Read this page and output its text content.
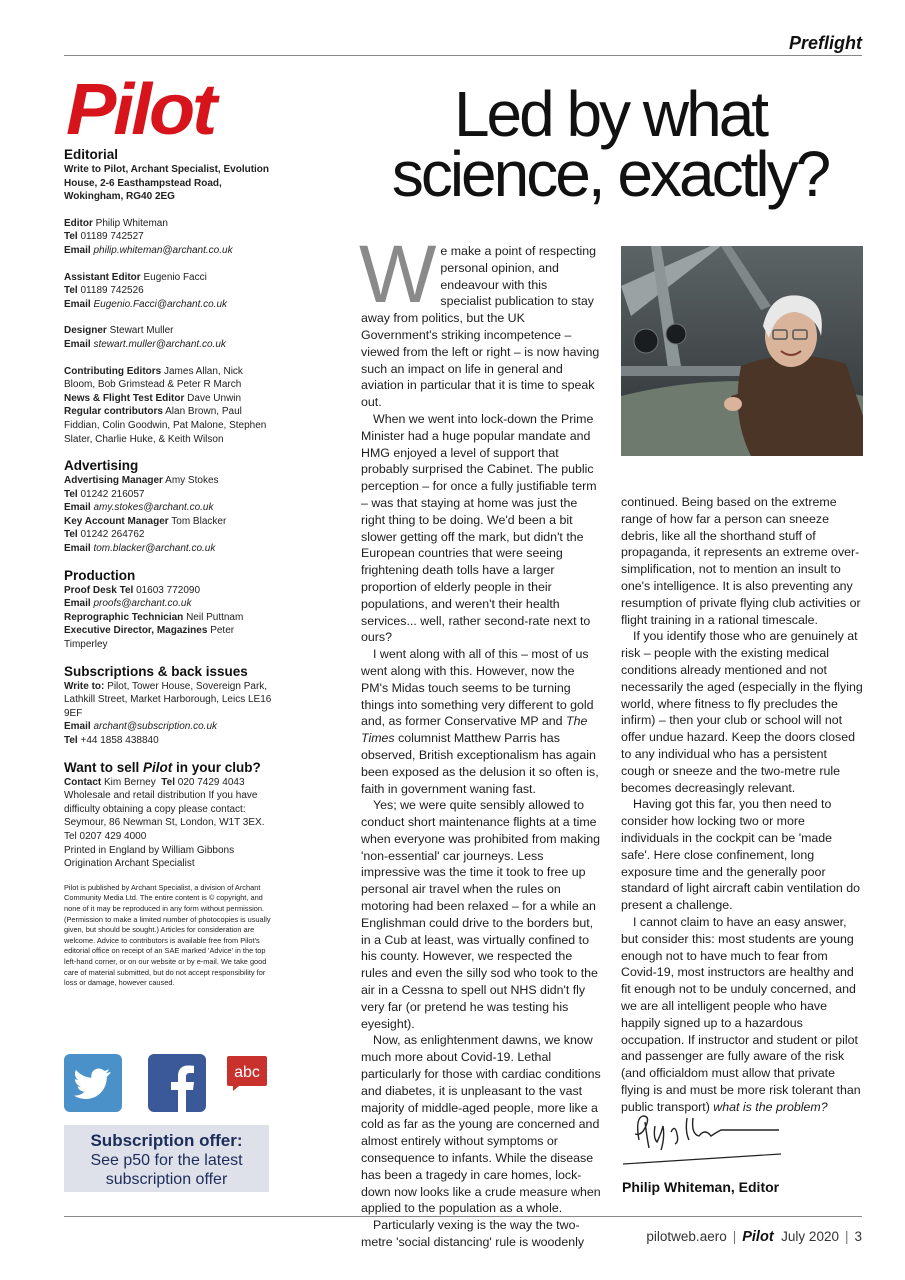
Preflight
Pilot
Editorial
Write to Pilot, Archant Specialist, Evolution House, 2-6 Easthampstead Road, Wokingham, RG40 2EG
Editor Philip Whiteman
Tel 01189 742527
Email philip.whiteman@archant.co.uk
Assistant Editor Eugenio Facci
Tel 01189 742526
Email Eugenio.Facci@archant.co.uk
Designer Stewart Muller
Email stewart.muller@archant.co.uk
Contributing Editors James Allan, Nick Bloom, Bob Grimstead & Peter R March
News & Flight Test Editor Dave Unwin
Regular contributors Alan Brown, Paul Fiddian, Colin Goodwin, Pat Malone, Stephen Slater, Charlie Huke, & Keith Wilson
Advertising
Advertising Manager Amy Stokes
Tel 01242 216057
Email amy.stokes@archant.co.uk
Key Account Manager Tom Blacker
Tel 01242 264762
Email tom.blacker@archant.co.uk
Production
Proof Desk Tel 01603 772090
Email proofs@archant.co.uk
Reprographic Technician Neil Puttnam
Executive Director, Magazines Peter Timperley
Subscriptions & back issues
Write to: Pilot, Tower House, Sovereign Park, Lathkill Street, Market Harborough, Leics LE16 9EF
Email archant@subscription.co.uk
Tel +44 1858 438840
Want to sell Pilot in your club?
Contact Kim Berney Tel 020 7429 4043
Wholesale and retail distribution If you have difficulty obtaining a copy please contact: Seymour, 86 Newman St, London, W1T 3EX. Tel 0207 429 4000
Printed in England by William Gibbons
Origination Archant Specialist
Pilot is published by Archant Specialist, a division of Archant Community Media Ltd. The entire content is © copyright, and none of it may be reproduced in any form without permission. (Permission to make a limited number of photocopies is usually given, but should be sought.) Articles for consideration are welcome. Advice to contributors is available free from Pilot's editorial office on receipt of an SAE marked 'Advice' in the top left-hand corner, or on our website or by e-mail. We take good care of material submitted, but do not accept responsibility for loss or damage, however caused.
abc
Subscription offer:
See p50 for the latest
subscription offer
Led by what
science, exactly?

We make a point of respecting personal opinion, and endeavour with this specialist publication to stay away from politics, but the UK Government's striking incompetence – viewed from the left or right – is now having such an impact on life in general and aviation in particular that it is time to speak out.

When we went into lock-down the Prime Minister had a huge popular mandate and HMG enjoyed a level of support that probably surprised the Cabinet. The public perception – for once a fully justifiable term – was that staying at home was just the right thing to be doing. We'd been a bit slower getting off the mark, but didn't the European countries that were seeing frightening death tolls have a larger proportion of elderly people in their populations, and weren't their health services... well, rather second-rate next to ours?

I went along with all of this – most of us went along with this. However, now the PM's Midas touch seems to be turning things into something very different to gold and, as former Conservative MP and The Times columnist Matthew Parris has observed, British exceptionalism has again been exposed as the delusion it so often is, faith in government waning fast.

Yes; we were quite sensibly allowed to conduct short maintenance flights at a time when everyone was prohibited from making 'non-essential' car journeys. Less impressive was the time it took to free up personal air travel when the rules on motoring had been relaxed – for a while an Englishman could drive to the borders but, in a Cub at least, was virtually confined to his county. However, we respected the rules and even the silly sod who took to the air in a Cessna to spell out NHS didn't fly very far (or pretend he was testing his eyesight).

Now, as enlightenment dawns, we know much more about Covid-19. Lethal particularly for those with cardiac conditions and diabetes, it is unpleasant to the vast majority of middle-aged people, more like a cold as far as the young are concerned and almost entirely without symptoms or consequence to infants. While the disease has been a tragedy in care homes, lock-down now looks like a crude measure when applied to the population as a whole.

Particularly vexing is the way the two-metre 'social distancing' rule is woodenly

continued. Being based on the extreme range of how far a person can sneeze debris, like all the shorthand stuff of propaganda, it represents an extreme over-simplification, not to mention an insult to one's intelligence. It is also preventing any resumption of private flying club activities or flight training in a rational timescale.

If you identify those who are genuinely at risk – people with the existing medical conditions already mentioned and not necessarily the aged (especially in the flying world, where fitness to fly precludes the infirm) – then your club or school will not offer undue hazard. Keep the doors closed to any individual who has a persistent cough or sneeze and the two-metre rule becomes decreasingly relevant.

Having got this far, you then need to consider how locking two or more individuals in the cockpit can be 'made safe'. Here close confinement, long exposure time and the generally poor standard of light aircraft cabin ventilation do present a challenge.

I cannot claim to have an easy answer, but consider this: most students are young enough not to have much to fear from Covid-19, most instructors are healthy and fit enough not to be unduly concerned, and we are all intelligent people who have happily signed up to a hazardous occupation. If instructor and student or pilot and passenger are fully aware of the risk (and officialdom must allow that private flying is and must be more risk tolerant than public transport) what is the problem?

Philip Whiteman, Editor
pilotweb.aero | Pilot July 2020 | 3
